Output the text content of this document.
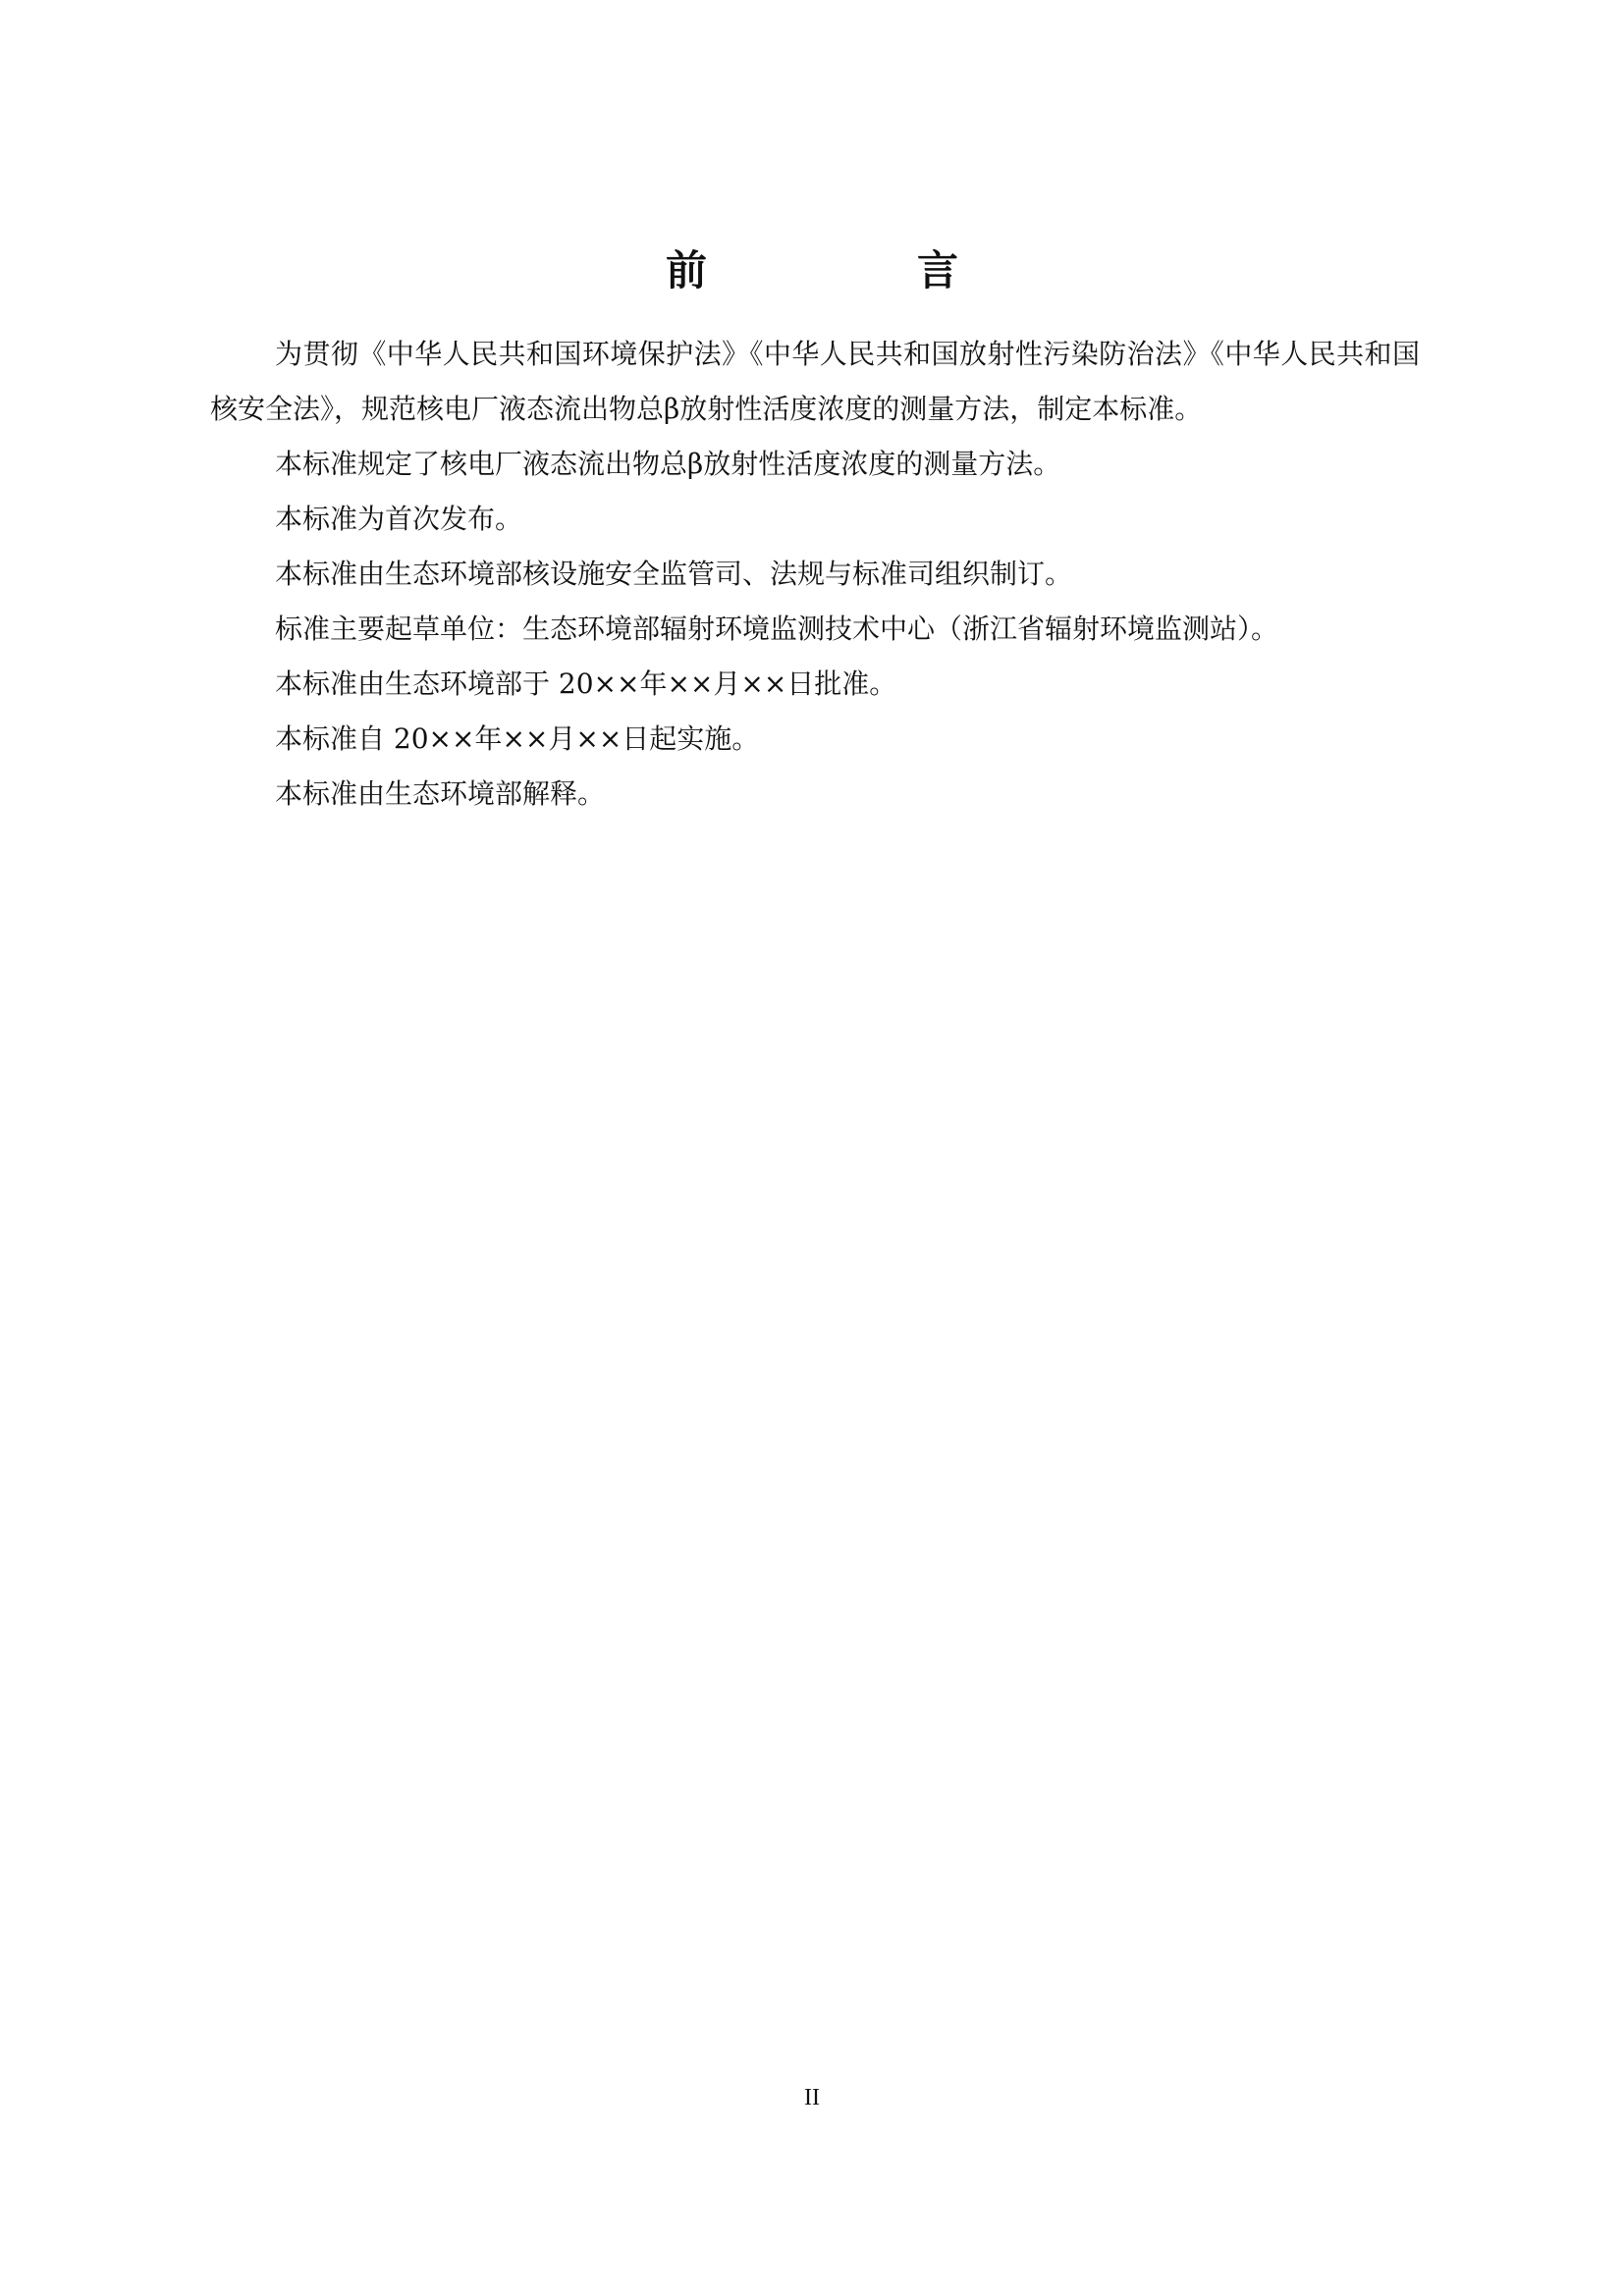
前　言

为贯彻《中华人民共和国环境保护法》《中华人民共和国放射性污染防治法》《中华人民共和国核安全法》，规范核电厂液态流出物总β放射性活度浓度的测量方法，制定本标准。

本标准规定了核电厂液态流出物总β放射性活度浓度的测量方法。

本标准为首次发布。

本标准由生态环境部核设施安全监管司、法规与标准司组织制订。

标准主要起草单位：生态环境部辐射环境监测技术中心（浙江省辐射环境监测站）。

本标准由生态环境部于 20××年××月××日批准。

本标准自 20××年××月××日起实施。

本标准由生态环境部解释。

II
